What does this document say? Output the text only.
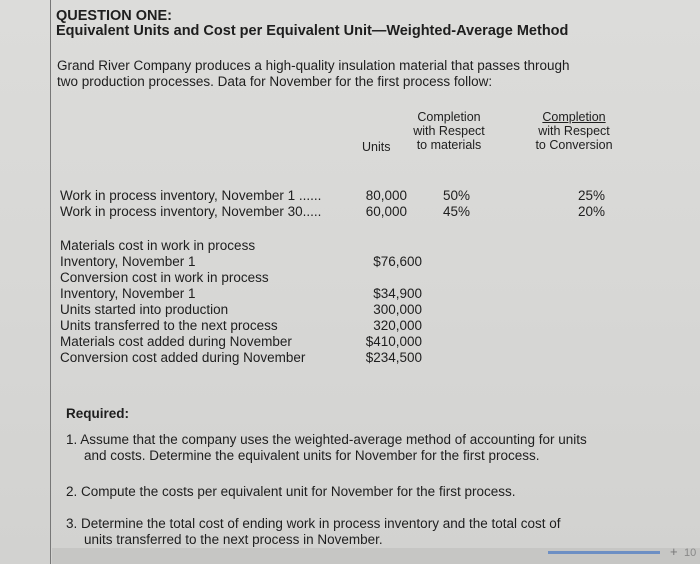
QUESTION ONE:
Equivalent Units and Cost per Equivalent Unit—Weighted-Average Method
Grand River Company produces a high-quality insulation material that passes through
two production processes. Data for November for the first process follow:
Units
Completion
with Respect
to materials
Completion
with Respect
to Conversion
Work in process inventory, November 1 ......	80,000	50%	25%
Work in process inventory, November 30.....	60,000	45%	20%
Materials cost in work in process
Inventory, November 1	$76,600
Conversion cost in work in process
Inventory, November 1	$34,900
Units started into production	300,000
Units transferred to the next process	320,000
Materials cost added during November	$410,000
Conversion cost added during November	$234,500
Required:
1. Assume that the company uses the weighted-average method of accounting for units
and costs. Determine the equivalent units for November for the first process.
2. Compute the costs per equivalent unit for November for the first process.
3. Determine the total cost of ending work in process inventory and the total cost of
units transferred to the next process in November.
+ 10
